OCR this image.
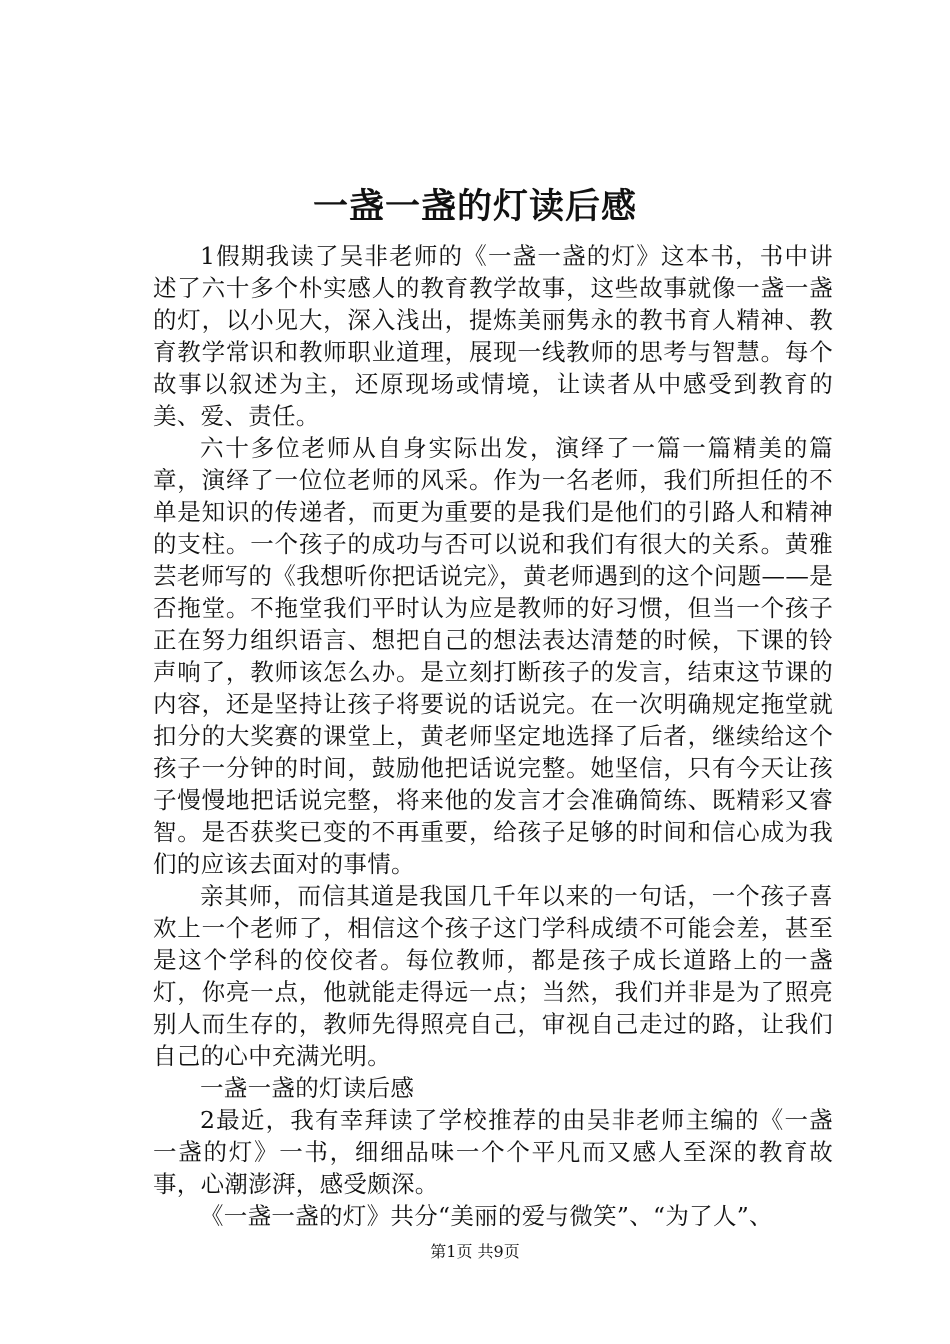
一盏一盏的灯读后感

1假期我读了吴非老师的《一盏一盏的灯》这本书，书中讲述了六十多个朴实感人的教育教学故事，这些故事就像一盏一盏的灯，以小见大，深入浅出，提炼美丽隽永的教书育人精神、教育教学常识和教师职业道理，展现一线教师的思考与智慧。每个故事以叙述为主，还原现场或情境，让读者从中感受到教育的美、爱、责任。

六十多位老师从自身实际出发，演绎了一篇一篇精美的篇章，演绎了一位位老师的风采。作为一名老师，我们所担任的不单是知识的传递者，而更为重要的是我们是他们的引路人和精神的支柱。一个孩子的成功与否可以说和我们有很大的关系。黄雅芸老师写的《我想听你把话说完》，黄老师遇到的这个问题——是否拖堂。不拖堂我们平时认为应是教师的好习惯，但当一个孩子正在努力组织语言、想把自己的想法表达清楚的时候，下课的铃声响了，教师该怎么办。是立刻打断孩子的发言，结束这节课的内容，还是坚持让孩子将要说的话说完。在一次明确规定拖堂就扣分的大奖赛的课堂上，黄老师坚定地选择了后者，继续给这个孩子一分钟的时间，鼓励他把话说完整。她坚信，只有今天让孩子慢慢地把话说完整，将来他的发言才会准确简练、既精彩又睿智。是否获奖已变的不再重要，给孩子足够的时间和信心成为我们的应该去面对的事情。

亲其师，而信其道是我国几千年以来的一句话，一个孩子喜欢上一个老师了，相信这个孩子这门学科成绩不可能会差，甚至是这个学科的佼佼者。每位教师，都是孩子成长道路上的一盏灯，你亮一点，他就能走得远一点；当然，我们并非是为了照亮别人而生存的，教师先得照亮自己，审视自己走过的路，让我们自己的心中充满光明。

一盏一盏的灯读后感

2最近，我有幸拜读了学校推荐的由吴非老师主编的《一盏一盏的灯》一书，细细品味一个个平凡而又感人至深的教育故事，心潮澎湃，感受颇深。

《一盏一盏的灯》共分“美丽的爱与微笑”、“为了人”、

第1页 共9页
